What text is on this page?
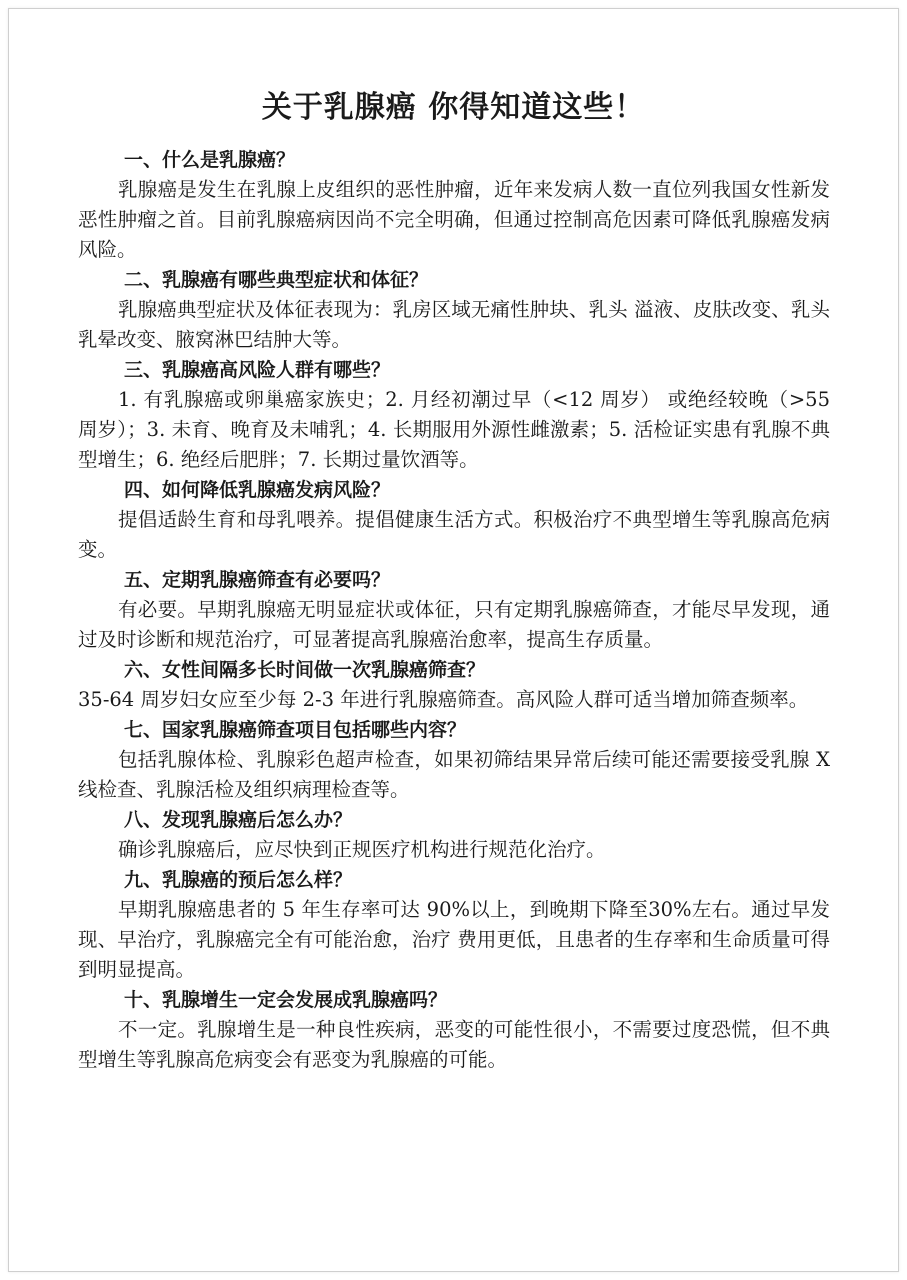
关于乳腺癌 你得知道这些！

一、什么是乳腺癌？

乳腺癌是发生在乳腺上皮组织的恶性肿瘤，近年来发病人数一直位列我国女性新发恶性肿瘤之首。目前乳腺癌病因尚不完全明确，但通过控制高危因素可降低乳腺癌发病风险。

二、乳腺癌有哪些典型症状和体征？

乳腺癌典型症状及体征表现为：乳房区域无痛性肿块、乳头 溢液、皮肤改变、乳头乳晕改变、腋窝淋巴结肿大等。

三、乳腺癌高风险人群有哪些？

1. 有乳腺癌或卵巢癌家族史；2. 月经初潮过早（<12 周岁） 或绝经较晚（>55 周岁）；3. 未育、晚育及未哺乳；4. 长期服用外源性雌激素；5. 活检证实患有乳腺不典型增生；6. 绝经后肥胖；7. 长期过量饮酒等。

四、如何降低乳腺癌发病风险？

提倡适龄生育和母乳喂养。提倡健康生活方式。积极治疗不典型增生等乳腺高危病变。

五、定期乳腺癌筛查有必要吗？

有必要。早期乳腺癌无明显症状或体征，只有定期乳腺癌筛查，才能尽早发现，通过及时诊断和规范治疗，可显著提高乳腺癌治愈率，提高生存质量。

六、女性间隔多长时间做一次乳腺癌筛查？

35-64 周岁妇女应至少每 2-3 年进行乳腺癌筛查。高风险人群可适当增加筛查频率。

七、国家乳腺癌筛查项目包括哪些内容？

包括乳腺体检、乳腺彩色超声检查，如果初筛结果异常后续可能还需要接受乳腺 X 线检查、乳腺活检及组织病理检查等。

八、发现乳腺癌后怎么办？

确诊乳腺癌后，应尽快到正规医疗机构进行规范化治疗。

九、乳腺癌的预后怎么样？

早期乳腺癌患者的 5 年生存率可达 90%以上，到晚期下降至30%左右。通过早发现、早治疗，乳腺癌完全有可能治愈，治疗 费用更低，且患者的生存率和生命质量可得到明显提高。

十、乳腺增生一定会发展成乳腺癌吗？

不一定。乳腺增生是一种良性疾病，恶变的可能性很小，不需要过度恐慌，但不典型增生等乳腺高危病变会有恶变为乳腺癌的可能。
